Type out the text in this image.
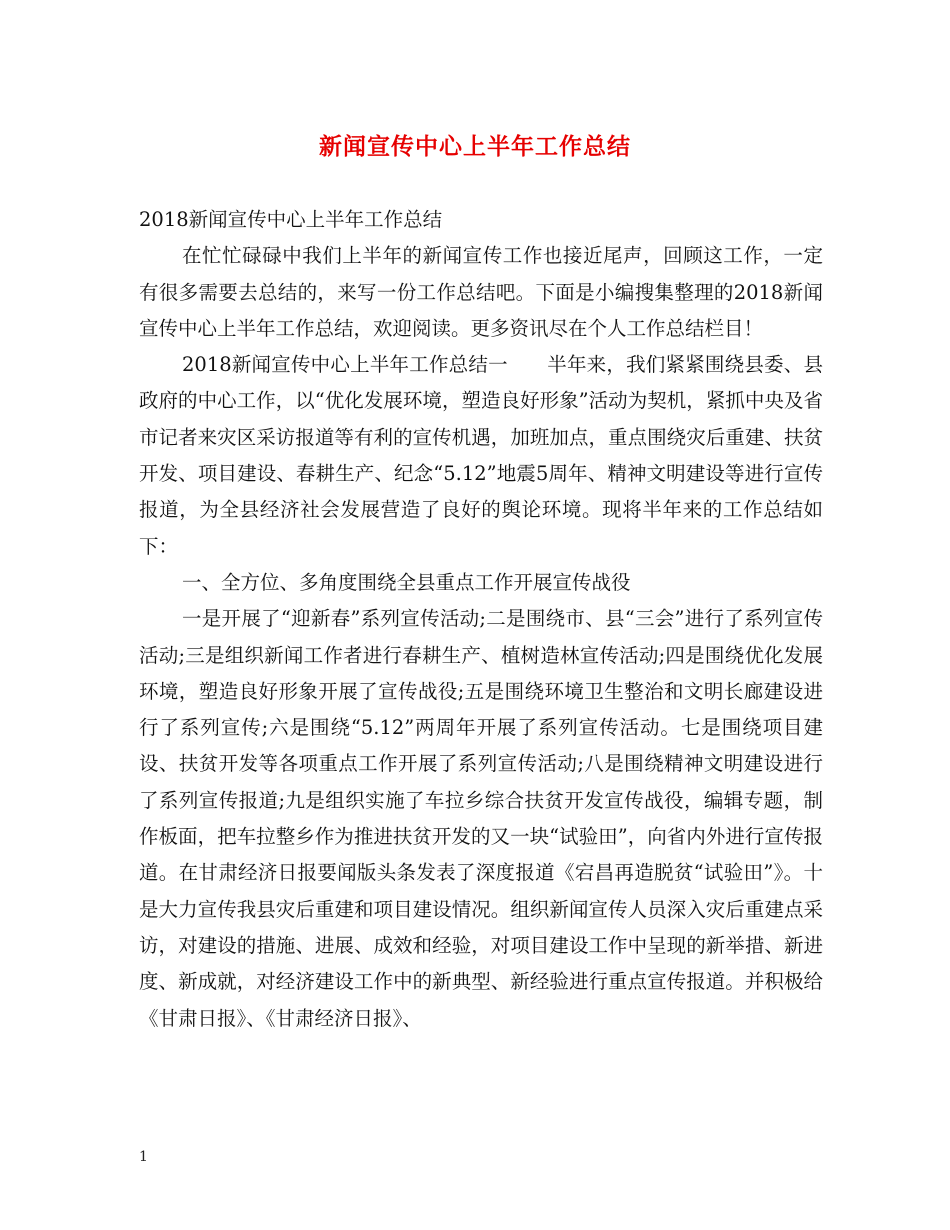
新闻宣传中心上半年工作总结

2018新闻宣传中心上半年工作总结

在忙忙碌碌中我们上半年的新闻宣传工作也接近尾声，回顾这工作，一定有很多需要去总结的，来写一份工作总结吧。下面是小编搜集整理的2018新闻宣传中心上半年工作总结，欢迎阅读。更多资讯尽在个人工作总结栏目！

2018新闻宣传中心上半年工作总结一　　半年来，我们紧紧围绕县委、县政府的中心工作，以“优化发展环境，塑造良好形象”活动为契机，紧抓中央及省市记者来灾区采访报道等有利的宣传机遇，加班加点，重点围绕灾后重建、扶贫开发、项目建设、春耕生产、纪念“5.12”地震5周年、精神文明建设等进行宣传报道，为全县经济社会发展营造了良好的舆论环境。现将半年来的工作总结如下：

一、全方位、多角度围绕全县重点工作开展宣传战役

一是开展了“迎新春”系列宣传活动;二是围绕市、县“三会”进行了系列宣传活动;三是组织新闻工作者进行春耕生产、植树造林宣传活动;四是围绕优化发展环境，塑造良好形象开展了宣传战役;五是围绕环境卫生整治和文明长廊建设进行了系列宣传;六是围绕“5.12”两周年开展了系列宣传活动。七是围绕项目建设、扶贫开发等各项重点工作开展了系列宣传活动;八是围绕精神文明建设进行了系列宣传报道;九是组织实施了车拉乡综合扶贫开发宣传战役，编辑专题，制作板面，把车拉整乡作为推进扶贫开发的又一块“试验田”，向省内外进行宣传报道。在甘肃经济日报要闻版头条发表了深度报道《宕昌再造脱贫“试验田”》。十是大力宣传我县灾后重建和项目建设情况。组织新闻宣传人员深入灾后重建点采访，对建设的措施、进展、成效和经验，对项目建设工作中呈现的新举措、新进度、新成就，对经济建设工作中的新典型、新经验进行重点宣传报道。并积极给《甘肃日报》、《甘肃经济日报》、

1
